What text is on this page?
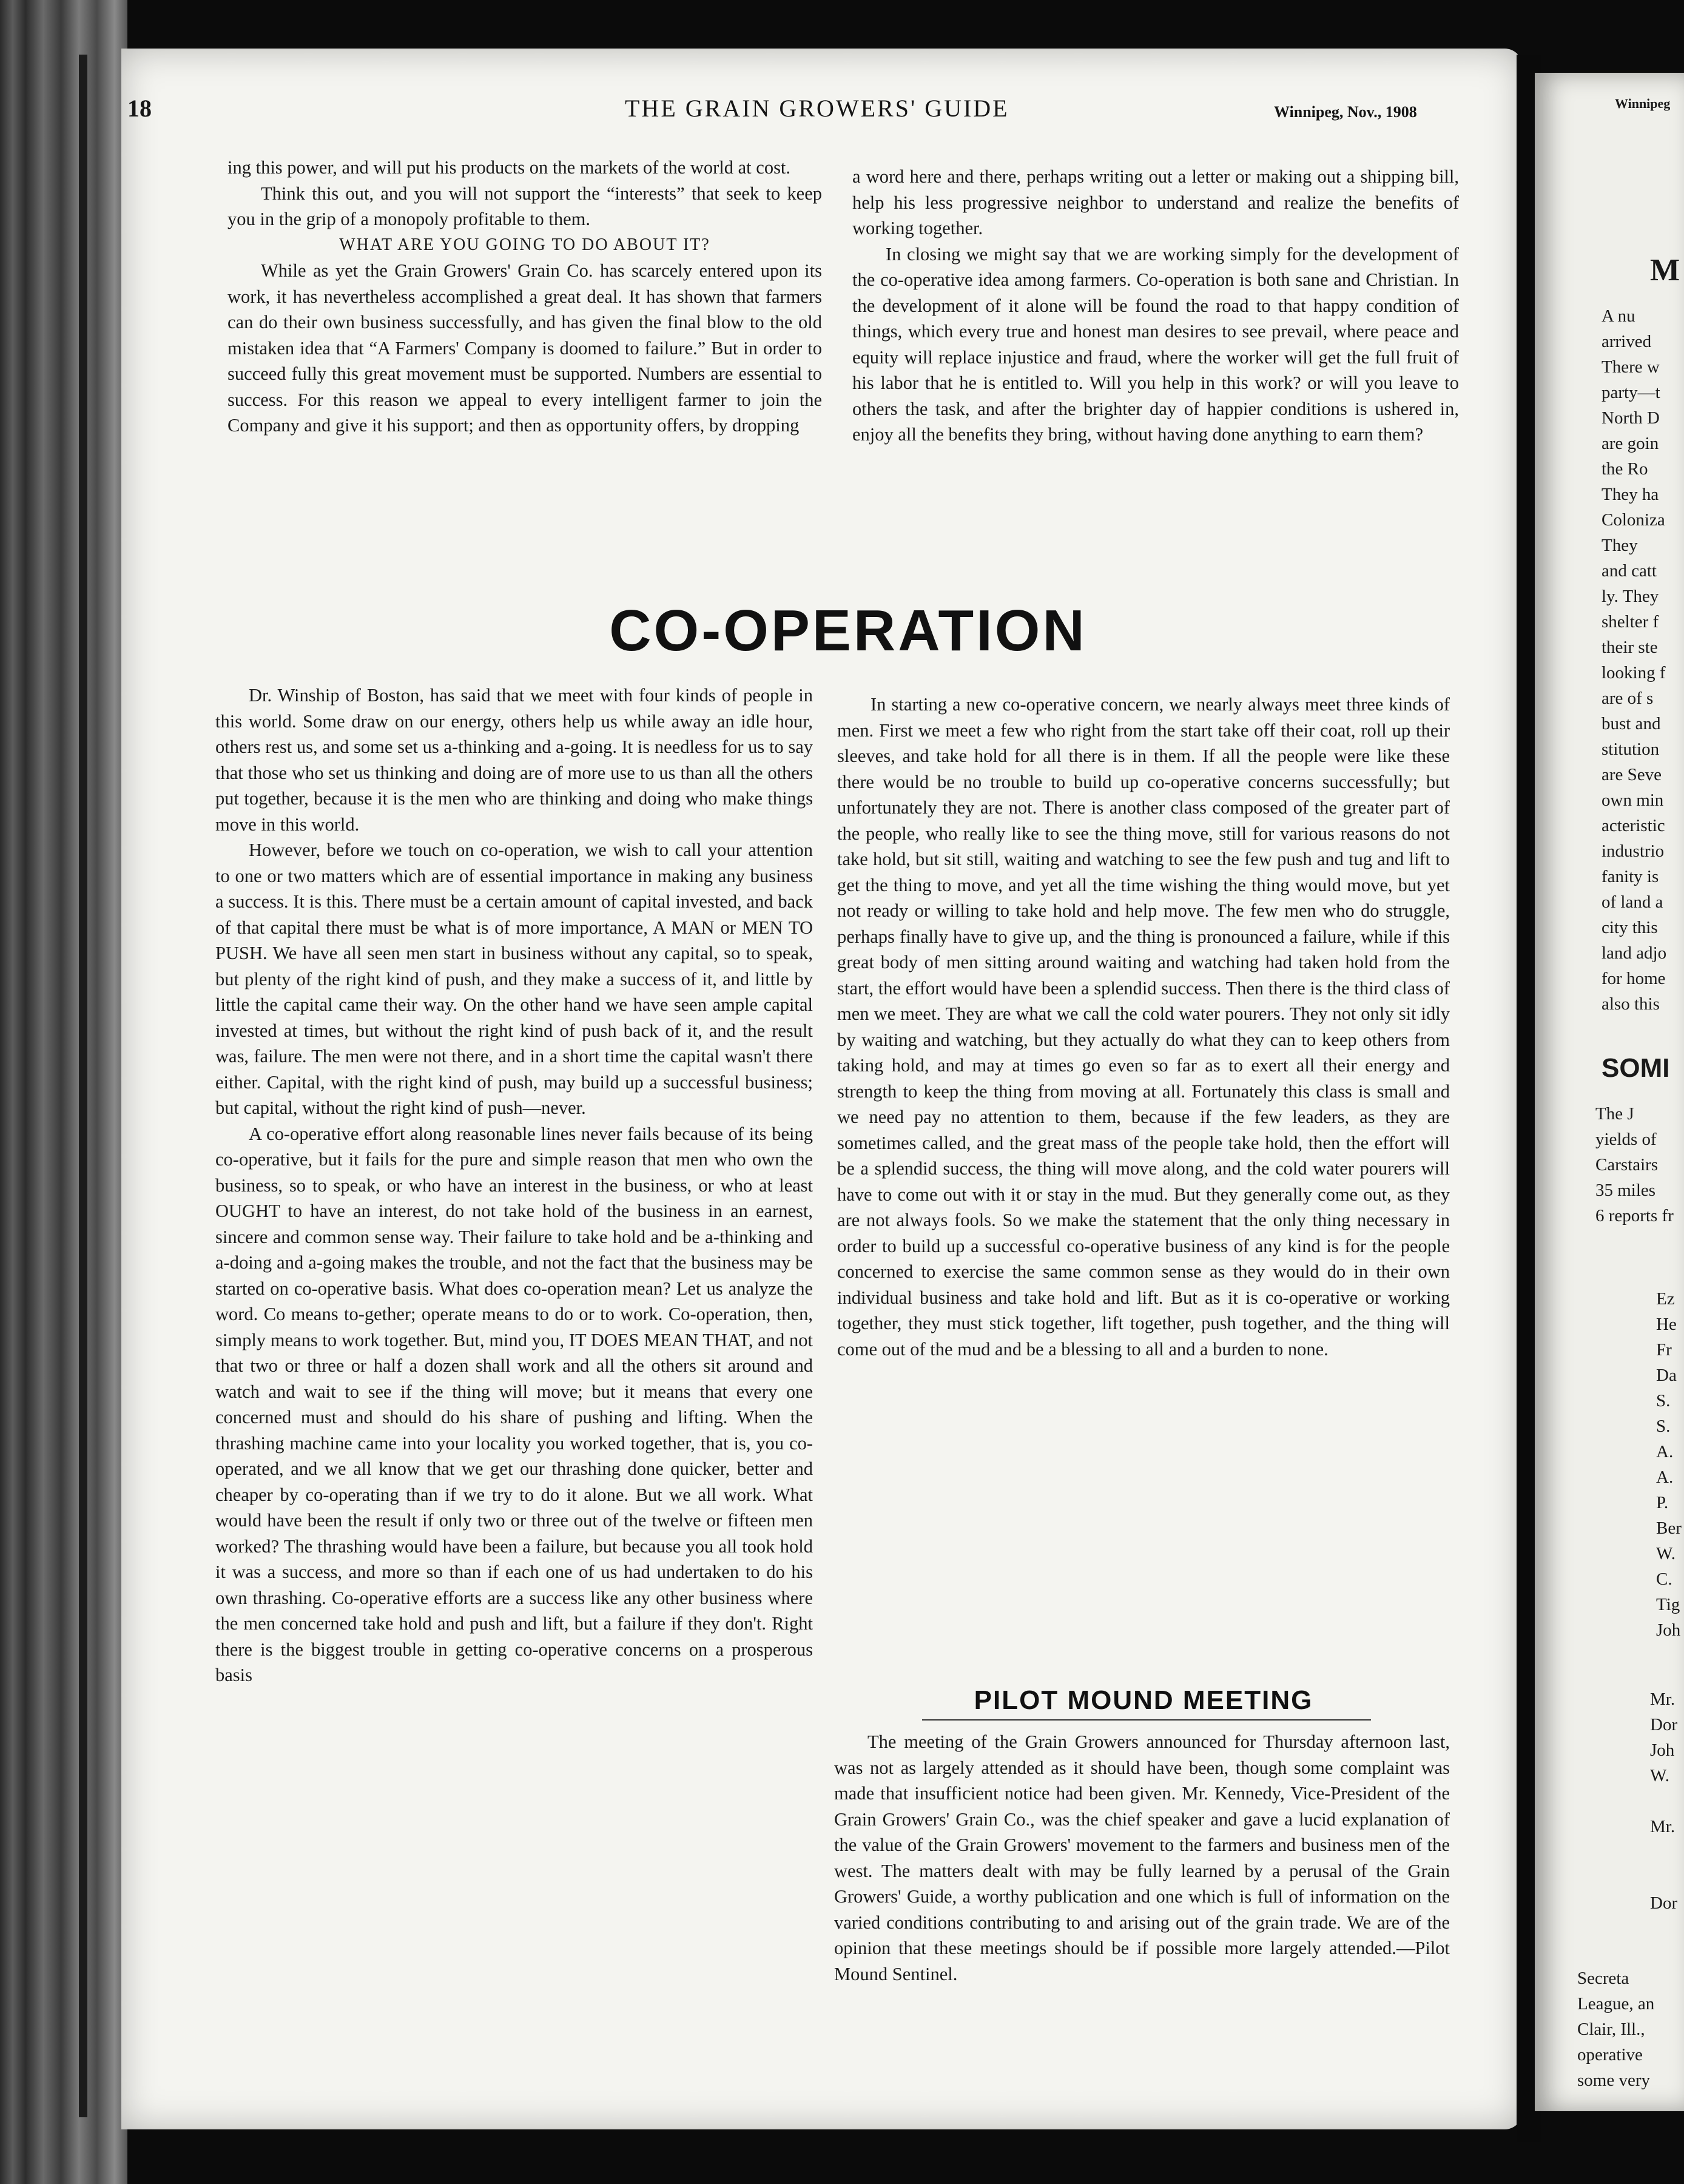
18	THE GRAIN GROWERS' GUIDE	Winnipeg, Nov., 1908

ing this power, and will put his products on the markets of the world at cost.

Think this out, and you will not support the “interests” that seek to keep you in the grip of a monopoly profitable to them.

WHAT ARE YOU GOING TO DO ABOUT IT?

While as yet the Grain Growers' Grain Co. has scarcely entered upon its work, it has nevertheless accomplished a great deal. It has shown that farmers can do their own business successfully, and has given the final blow to the old mistaken idea that “A Farmers' Company is doomed to failure.” But in order to succeed fully this great movement must be supported. Numbers are essential to success. For this reason we appeal to every intelligent farmer to join the Company and give it his support; and then as opportunity offers, by dropping

a word here and there, perhaps writing out a letter or making out a shipping bill, help his less progressive neighbor to understand and realize the benefits of working together.

In closing we might say that we are working simply for the development of the co-operative idea among farmers. Co-operation is both sane and Christian. In the development of it alone will be found the road to that happy condition of things, which every true and honest man desires to see prevail, where peace and equity will replace injustice and fraud, where the worker will get the full fruit of his labor that he is entitled to. Will you help in this work? or will you leave to others the task, and after the brighter day of happier conditions is ushered in, enjoy all the benefits they bring, without having done anything to earn them?

CO-OPERATION

Dr. Winship of Boston, has said that we meet with four kinds of people in this world. Some draw on our energy, others help us while away an idle hour, others rest us, and some set us a-thinking and a-going. It is needless for us to say that those who set us thinking and doing are of more use to us than all the others put together, because it is the men who are thinking and doing who make things move in this world.

However, before we touch on co-operation, we wish to call your attention to one or two matters which are of essential importance in making any business a success. It is this. There must be a certain amount of capital invested, and back of that capital there must be what is of more importance, A MAN or MEN TO PUSH. We have all seen men start in business without any capital, so to speak, but plenty of the right kind of push, and they make a success of it, and little by little the capital came their way. On the other hand we have seen ample capital invested at times, but without the right kind of push back of it, and the result was, failure. The men were not there, and in a short time the capital wasn't there either. Capital, with the right kind of push, may build up a successful business; but capital, without the right kind of push—never.

A co-operative effort along reasonable lines never fails because of its being co-operative, but it fails for the pure and simple reason that men who own the business, so to speak, or who have an interest in the business, or who at least OUGHT to have an interest, do not take hold of the business in an earnest, sincere and common sense way. Their failure to take hold and be a-thinking and a-doing and a-going makes the trouble, and not the fact that the business may be started on co-operative basis. What does co-operation mean? Let us analyze the word. Co means to-gether; operate means to do or to work. Co-operation, then, simply means to work together. But, mind you, IT DOES MEAN THAT, and not that two or three or half a dozen shall work and all the others sit around and watch and wait to see if the thing will move; but it means that every one concerned must and should do his share of pushing and lifting. When the thrashing machine came into your locality you worked together, that is, you co-operated, and we all know that we get our thrashing done quicker, better and cheaper by co-operating than if we try to do it alone. But we all work. What would have been the result if only two or three out of the twelve or fifteen men worked? The thrashing would have been a failure, but because you all took hold it was a success, and more so than if each one of us had undertaken to do his own thrashing. Co-operative efforts are a success like any other business where the men concerned take hold and push and lift, but a failure if they don't. Right there is the biggest trouble in getting co-operative concerns on a prosperous basis

In starting a new co-operative concern, we nearly always meet three kinds of men. First we meet a few who right from the start take off their coat, roll up their sleeves, and take hold for all there is in them. If all the people were like these there would be no trouble to build up co-operative concerns successfully; but unfortunately they are not. There is another class composed of the greater part of the people, who really like to see the thing move, still for various reasons do not take hold, but sit still, waiting and watching to see the few push and tug and lift to get the thing to move, and yet all the time wishing the thing would move, but yet not ready or willing to take hold and help move. The few men who do struggle, perhaps finally have to give up, and the thing is pronounced a failure, while if this great body of men sitting around waiting and watching had taken hold from the start, the effort would have been a splendid success. Then there is the third class of men we meet. They are what we call the cold water pourers. They not only sit idly by waiting and watching, but they actually do what they can to keep others from taking hold, and may at times go even so far as to exert all their energy and strength to keep the thing from moving at all. Fortunately this class is small and we need pay no attention to them, because if the few leaders, as they are sometimes called, and the great mass of the people take hold, then the effort will be a splendid success, the thing will move along, and the cold water pourers will have to come out with it or stay in the mud. But they generally come out, as they are not always fools. So we make the statement that the only thing necessary in order to build up a successful co-operative business of any kind is for the people concerned to exercise the same common sense as they would do in their own individual business and take hold and lift. But as it is co-operative or working together, they must stick together, lift together, push together, and the thing will come out of the mud and be a blessing to all and a burden to none.

PILOT MOUND MEETING

The meeting of the Grain Growers announced for Thursday afternoon last, was not as largely attended as it should have been, though some complaint was made that insufficient notice had been given. Mr. Kennedy, Vice-President of the Grain Growers' Grain Co., was the chief speaker and gave a lucid explanation of the value of the Grain Growers' movement to the farmers and business men of the west. The matters dealt with may be fully learned by a perusal of the Grain Growers' Guide, a worthy publication and one which is full of information on the varied conditions contributing to and arising out of the grain trade. We are of the opinion that these meetings should be if possible more largely attended.—Pilot Mound Sentinel.

Winnipeg
M
A nu
arrived
There w
party—t
North D
are goin
the Ro
They ha
Coloniza
They
and catt
ly. They
shelter f
their ste
looking f
are of s
bust and
stitution
are Seve
own min
acteristic
industrio
fanity is
of land a
city this
land adjo
for home
also this
SOMI
The J
yields of
Carstairs
35 miles
6 reports fr
Ez
He
Fr
Da
S.
S.
A.
A.
P.
Ber
W.
C.
Tig
Joh
Mr.
Dor
Joh
W.
Mr.
Dor
Secreta
League, an
Clair, Ill.,
operative
some very
